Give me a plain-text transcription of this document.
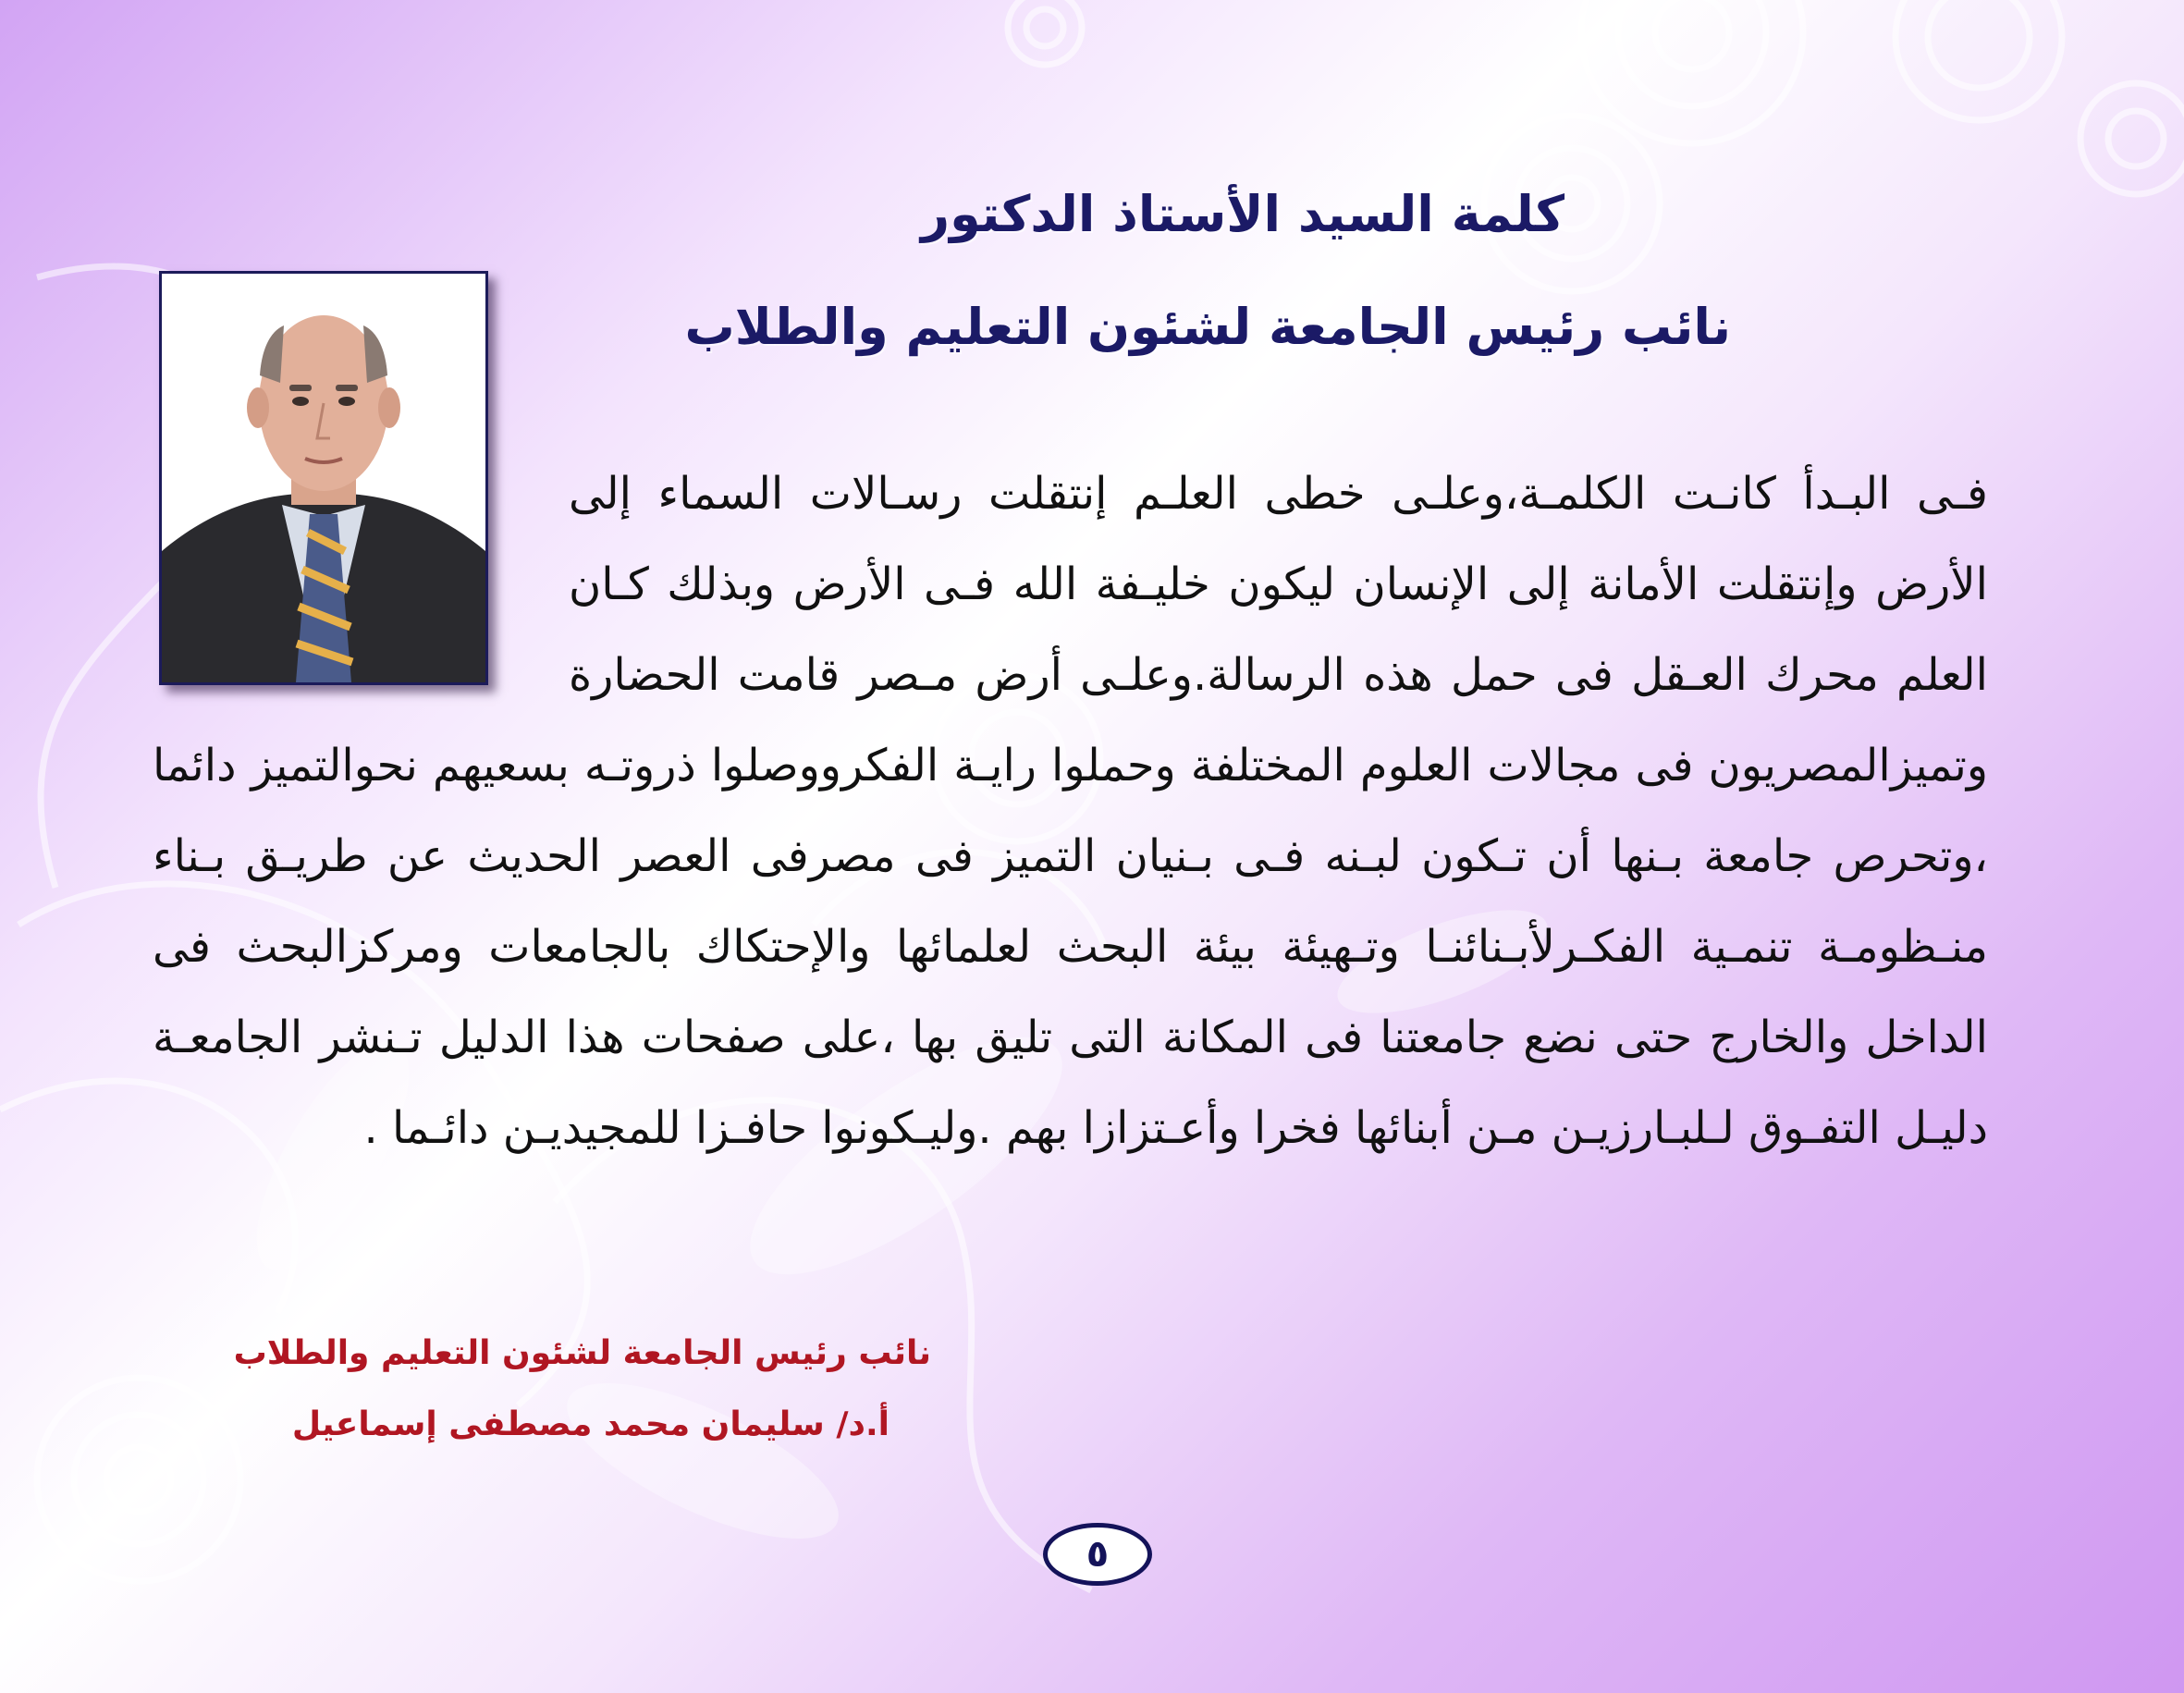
كلمة السيد الأستاذ الدكتور
نائب رئيس الجامعة لشئون التعليم والطلاب
فـى البـدأ كانـت الكلمـة،وعلـى خطى العلـم إنتقلت رسـالات السماء إلى الأرض وإنتقلت الأمانة إلى الإنسان ليكون خليـفة الله فـى الأرض وبذلك كـان العلم محرك العـقل فى حمل هذه الرسالة.وعلـى أرض مـصر قامت الحضارة وتميزالمصريون فى مجالات العلوم المختلفة وحملوا رايـة الفكرووصلوا ذروتـه بسعيهم نحوالتميز دائما ،وتحرص جامعة بـنها أن تـكون لبـنه فـى بـنيان التميز فى مصرفى العصر الحديث عن طريـق بـناء منـظومـة تنمـية الفكـرلأبـنائنـا وتـهيئة بيئة البحث لعلمائها والإحتكاك بالجامعات ومركزالبحث فى الداخل والخارج حتى نضع جامعتنا فى المكانة التى تليق بها ،على صفحات هذا الدليل تـنشر الجامعـة دليـل التفـوق لـلبـارزيـن مـن أبنائها فخرا وأعـتزازا بهم .وليـكونوا حافـزا للمجيديـن دائـما .
نائب رئيس الجامعة لشئون التعليم والطلاب
أ.د/ سليمان محمد مصطفى إسماعيل
٥
